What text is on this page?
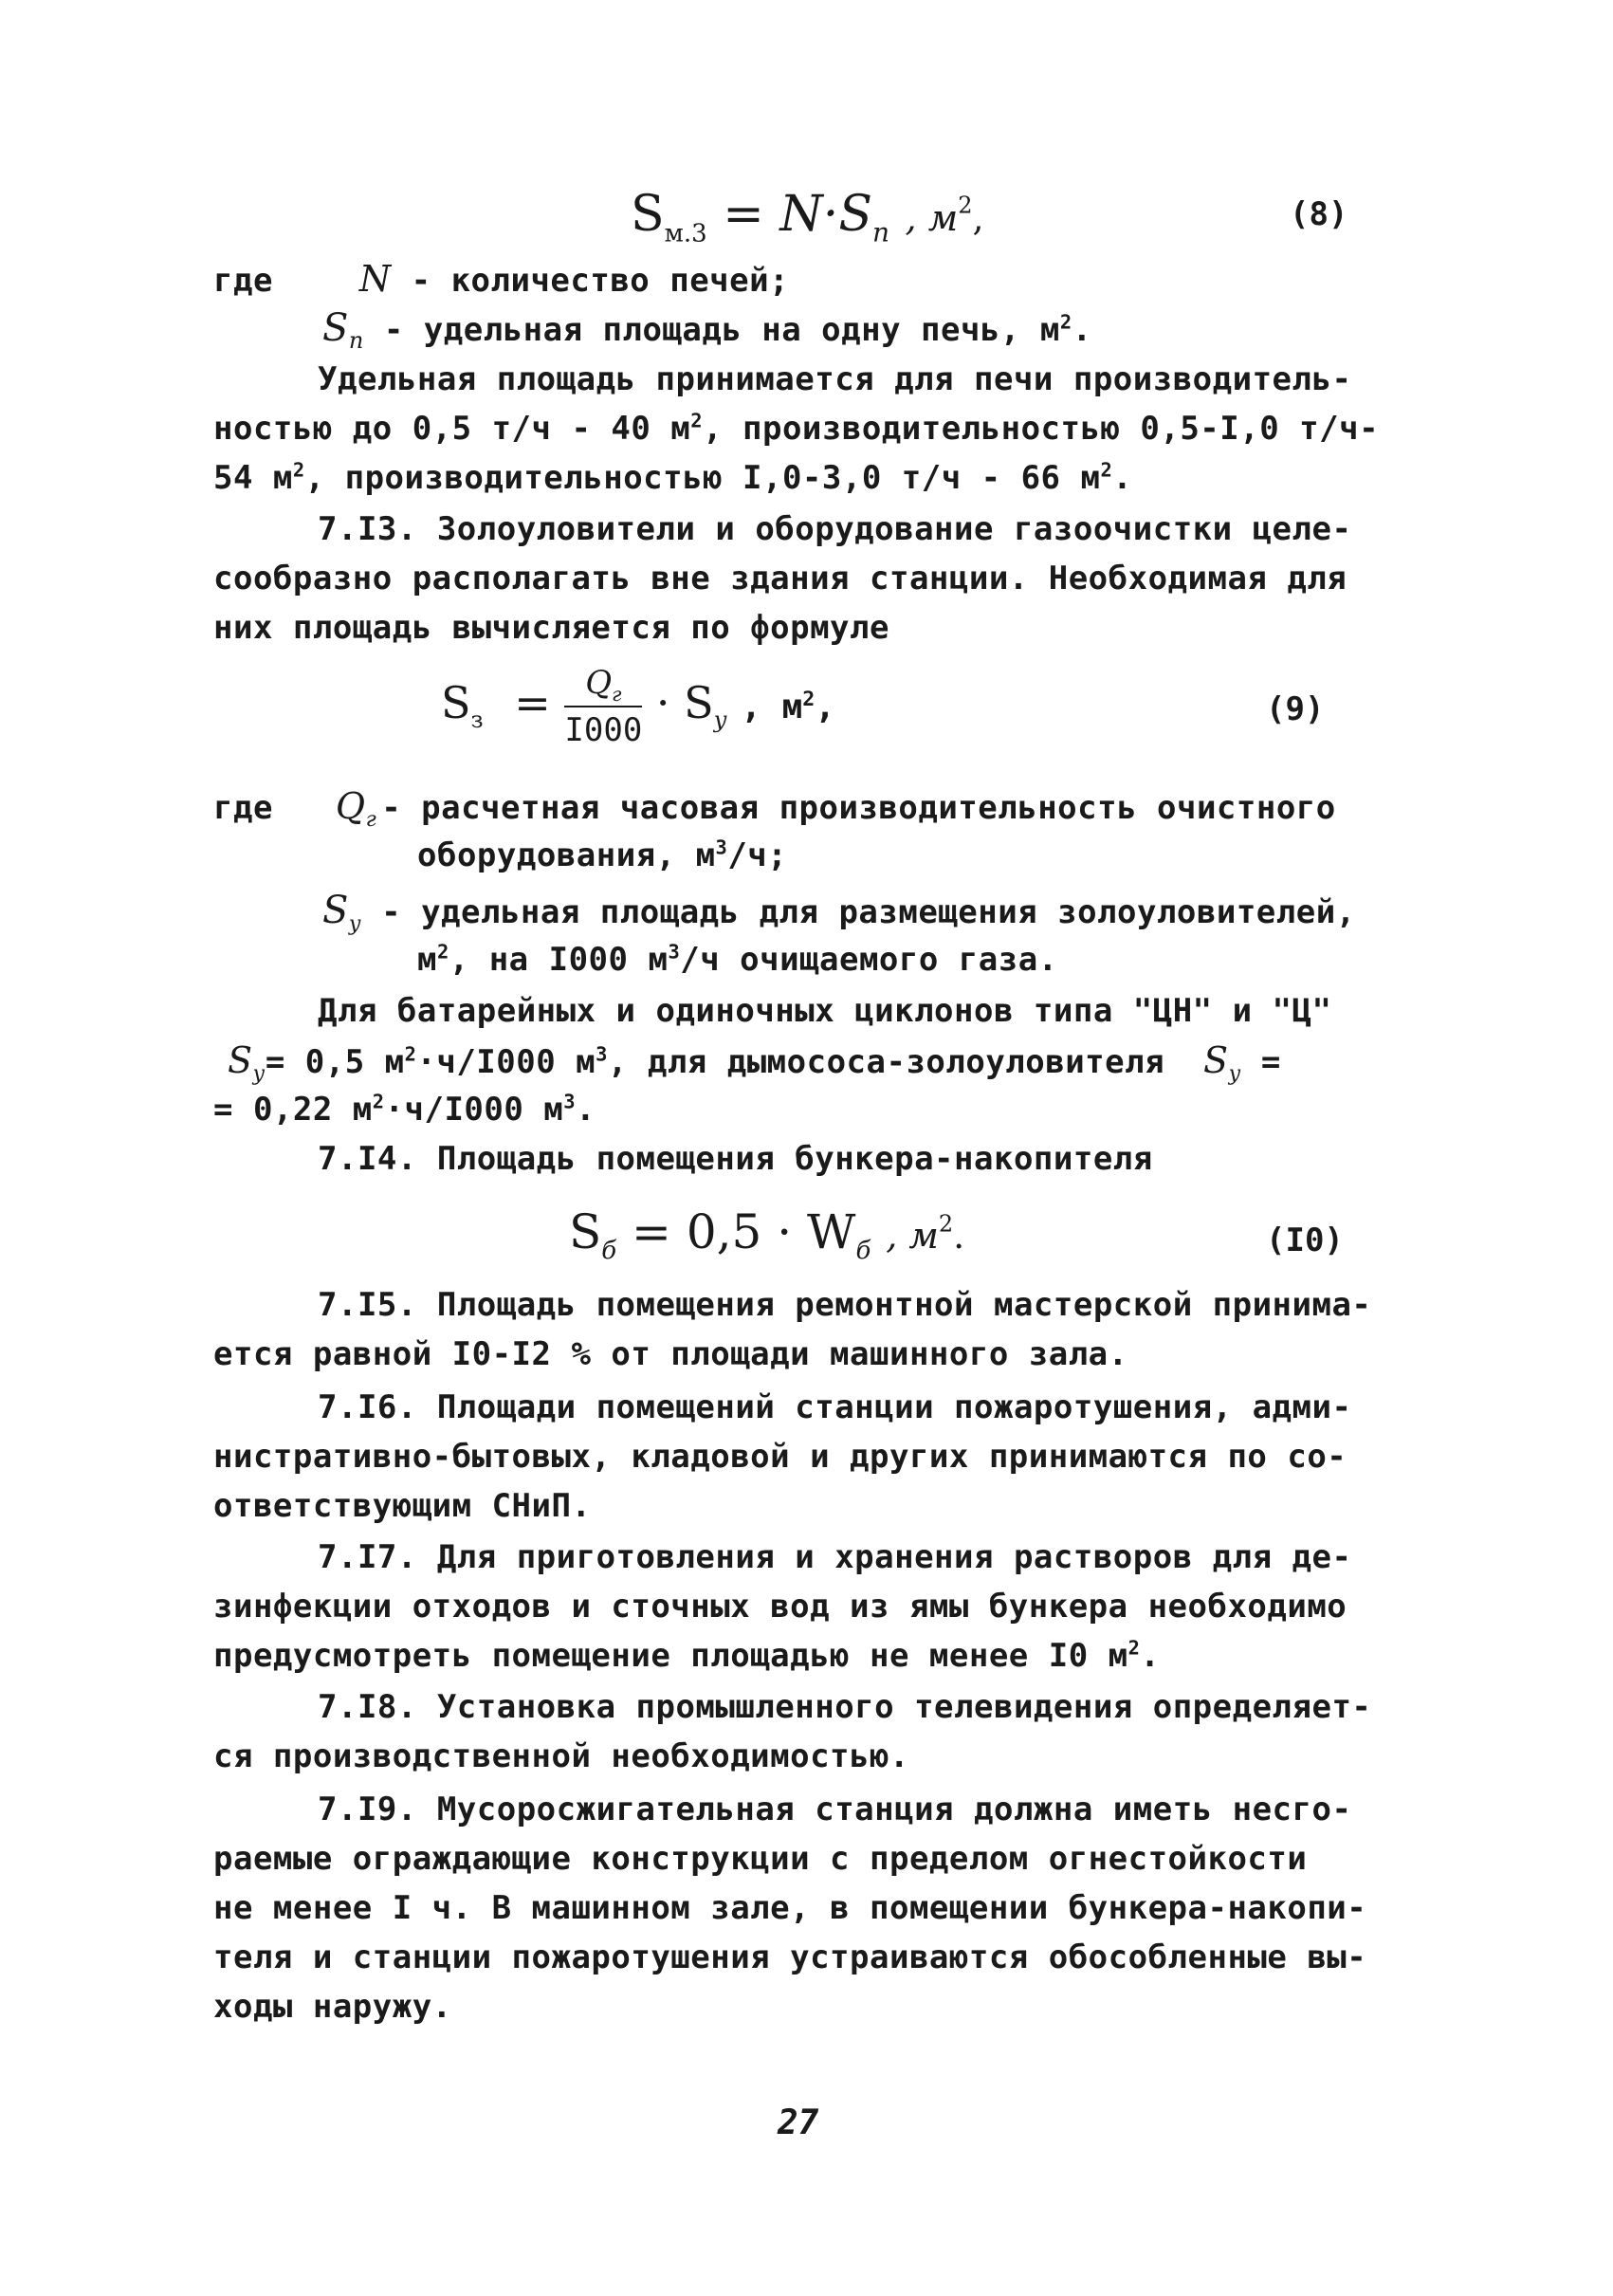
$S_{м.3} = N\cdot S_n$ , $м^2$,	(8)
где N - количество печей;
$S_n$ - удельная площадь на одну печь, $м^2$.
Удельная площадь принимается для печи производитель-
ностью до 0,5 т/ч - 40 $м^2$, производительностью 0,5-I,0 т/ч-
54 $м^2$, производительностью I,0-3,0 т/ч - 66 $м^2$.
7.I3. Золоуловители и оборудование газоочистки целе-
сообразно располагать вне здания станции. Необходимая для
них площадь вычисляется по формуле
$S_з = \frac{Q_г}{I000} \cdot S_у$ , $м^2$,	(9)
где $Q_г$ - расчетная часовая производительность очистного
оборудования, $м^3/ч$;
$S_у$ - удельная площадь для размещения золоуловителей,
$м^2$, на I000 $м^3/ч$ очищаемого газа.
Для батарейных и одиночных циклонов типа "ЦН" и "Ц"
$S_у= 0,5$ $м^2\cdot ч/I000$ $м^3$, для дымососа-золоуловителя $S_у$ =
= 0,22 $м^2\cdot ч/I000$ $м^3$.
7.I4. Площадь помещения бункера-накопителя
$S_б = 0,5 \cdot W_б$ , $м^2$.	(I0)
7.I5. Площадь помещения ремонтной мастерской принима-
ется равной I0-I2 % от площади машинного зала.
7.I6. Площади помещений станции пожаротушения, адми-
нистративно-бытовых, кладовой и других принимаются по со-
ответствующим СНиП.
7.I7. Для приготовления и хранения растворов для де-
зинфекции отходов и сточных вод из ямы бункера необходимо
предусмотреть помещение площадью не менее I0 $м^2$.
7.I8. Установка промышленного телевидения определяет-
ся производственной необходимостью.
7.I9. Мусоросжигательная станция должна иметь несго-
раемые ограждающие конструкции с пределом огнестойкости
не менее I ч. В машинном зале, в помещении бункера-накопи-
теля и станции пожаротушения устраиваются обособленные вы-
ходы наружу.
27
